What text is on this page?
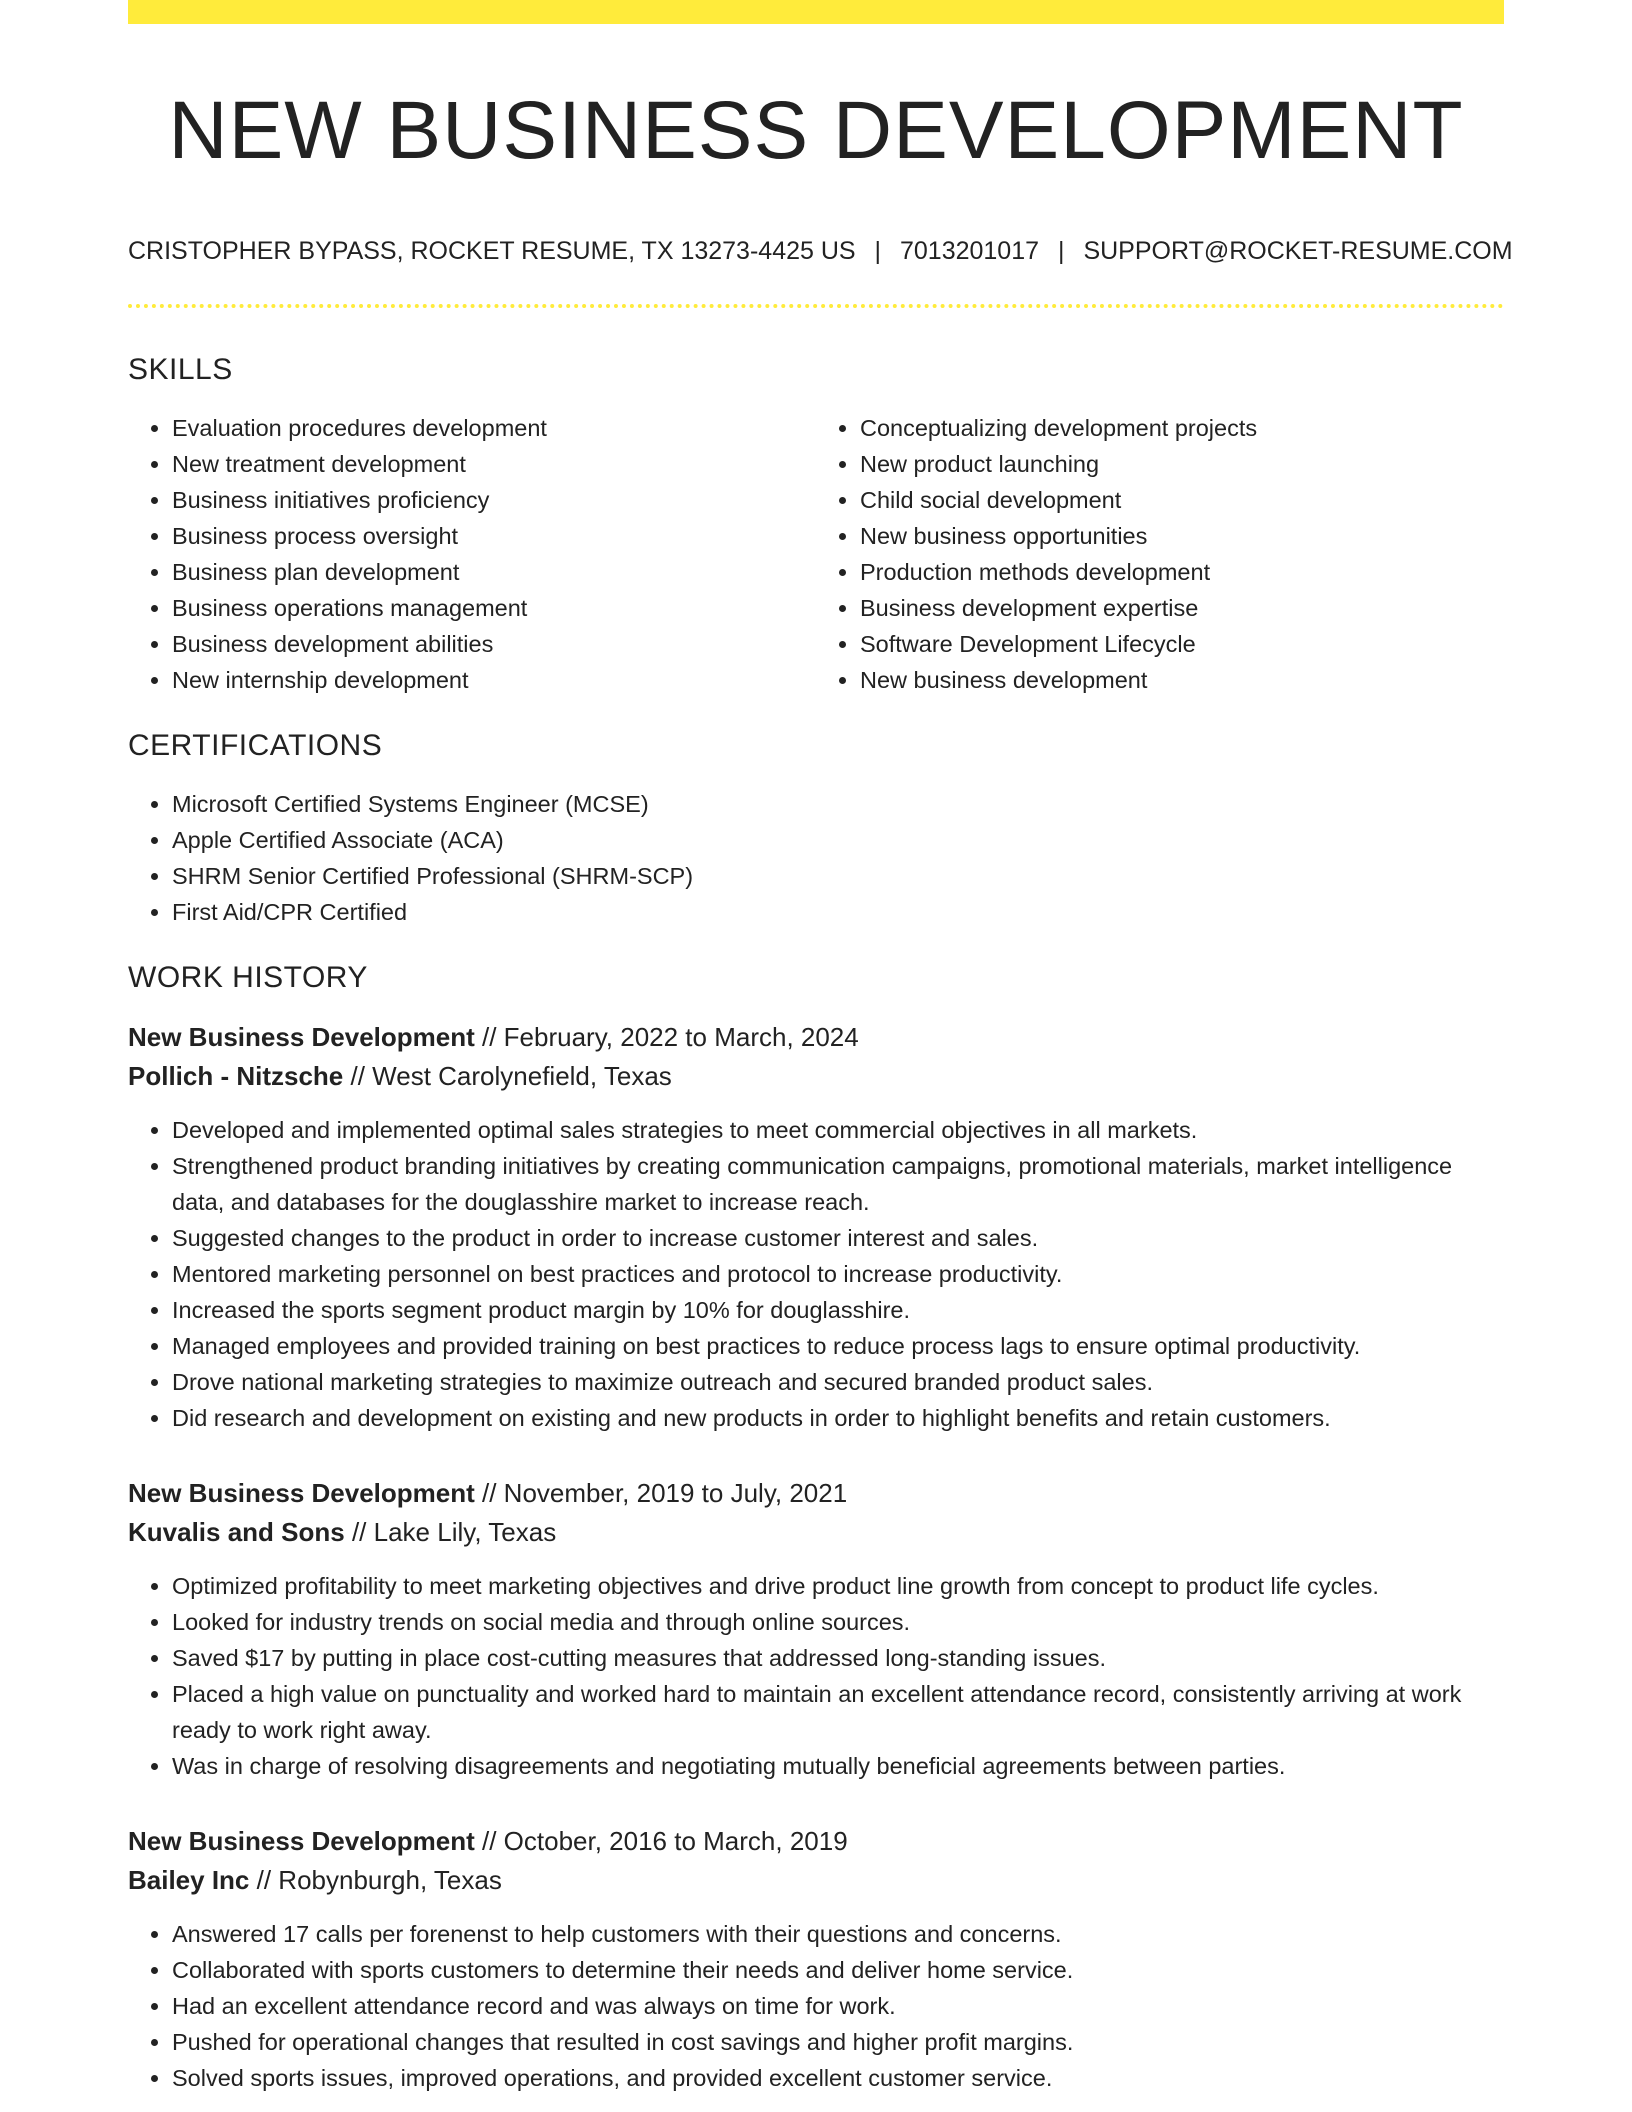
NEW BUSINESS DEVELOPMENT
CRISTOPHER BYPASS, ROCKET RESUME, TX 13273-4425 US | 7013201017 | SUPPORT@ROCKET-RESUME.COM
SKILLS
• Evaluation procedures development
• New treatment development
• Business initiatives proficiency
• Business process oversight
• Business plan development
• Business operations management
• Business development abilities
• New internship development
• Conceptualizing development projects
• New product launching
• Child social development
• New business opportunities
• Production methods development
• Business development expertise
• Software Development Lifecycle
• New business development
CERTIFICATIONS
• Microsoft Certified Systems Engineer (MCSE)
• Apple Certified Associate (ACA)
• SHRM Senior Certified Professional (SHRM-SCP)
• First Aid/CPR Certified
WORK HISTORY
New Business Development // February, 2022 to March, 2024
Pollich - Nitzsche // West Carolynefield, Texas
• Developed and implemented optimal sales strategies to meet commercial objectives in all markets.
• Strengthened product branding initiatives by creating communication campaigns, promotional materials, market intelligence data, and databases for the douglasshire market to increase reach.
• Suggested changes to the product in order to increase customer interest and sales.
• Mentored marketing personnel on best practices and protocol to increase productivity.
• Increased the sports segment product margin by 10% for douglasshire.
• Managed employees and provided training on best practices to reduce process lags to ensure optimal productivity.
• Drove national marketing strategies to maximize outreach and secured branded product sales.
• Did research and development on existing and new products in order to highlight benefits and retain customers.
New Business Development // November, 2019 to July, 2021
Kuvalis and Sons // Lake Lily, Texas
• Optimized profitability to meet marketing objectives and drive product line growth from concept to product life cycles.
• Looked for industry trends on social media and through online sources.
• Saved $17 by putting in place cost-cutting measures that addressed long-standing issues.
• Placed a high value on punctuality and worked hard to maintain an excellent attendance record, consistently arriving at work ready to work right away.
• Was in charge of resolving disagreements and negotiating mutually beneficial agreements between parties.
New Business Development // October, 2016 to March, 2019
Bailey Inc // Robynburgh, Texas
• Answered 17 calls per forenenst to help customers with their questions and concerns.
• Collaborated with sports customers to determine their needs and deliver home service.
• Had an excellent attendance record and was always on time for work.
• Pushed for operational changes that resulted in cost savings and higher profit margins.
• Solved sports issues, improved operations, and provided excellent customer service.
